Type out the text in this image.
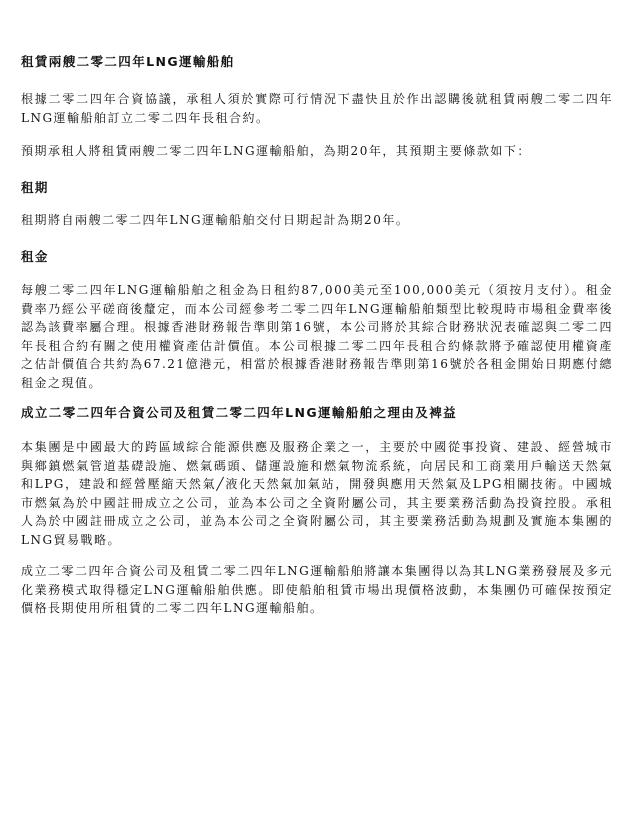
租賃兩艘二零二四年LNG運輸船舶

根據二零二四年合資協議，承租人須於實際可行情況下盡快且於作出認購後就租賃兩艘二零二四年LNG運輸船舶訂立二零二四年長租合約。

預期承租人將租賃兩艘二零二四年LNG運輸船舶，為期20年，其預期主要條款如下：

租期

租期將自兩艘二零二四年LNG運輸船舶交付日期起計為期20年。

租金

每艘二零二四年LNG運輸船舶之租金為日租約87,000美元至100,000美元（須按月支付）。租金費率乃經公平磋商後釐定，而本公司經參考二零二四年LNG運輸船舶類型比較現時市場租金費率後認為該費率屬合理。根據香港財務報告準則第16號，本公司將於其綜合財務狀況表確認與二零二四年長租合約有關之使用權資產估計價值。本公司根據二零二四年長租合約條款將予確認使用權資產之估計價值合共約為67.21億港元，相當於根據香港財務報告準則第16號於各租金開始日期應付總租金之現值。

成立二零二四年合資公司及租賃二零二四年LNG運輸船舶之理由及裨益

本集團是中國最大的跨區域綜合能源供應及服務企業之一，主要於中國從事投資、建設、經營城市與鄉鎮燃氣管道基礎設施、燃氣碼頭、儲運設施和燃氣物流系統，向居民和工商業用戶輸送天然氣和LPG，建設和經營壓縮天然氣╱液化天然氣加氣站，開發與應用天然氣及LPG相關技術。中國城市燃氣為於中國註冊成立之公司，並為本公司之全資附屬公司，其主要業務活動為投資控股。承租人為於中國註冊成立之公司，並為本公司之全資附屬公司，其主要業務活動為規劃及實施本集團的LNG貿易戰略。

成立二零二四年合資公司及租賃二零二四年LNG運輸船舶將讓本集團得以為其LNG業務發展及多元化業務模式取得穩定LNG運輸船舶供應。即使船舶租賃市場出現價格波動，本集團仍可確保按預定價格長期使用所租賃的二零二四年LNG運輸船舶。
